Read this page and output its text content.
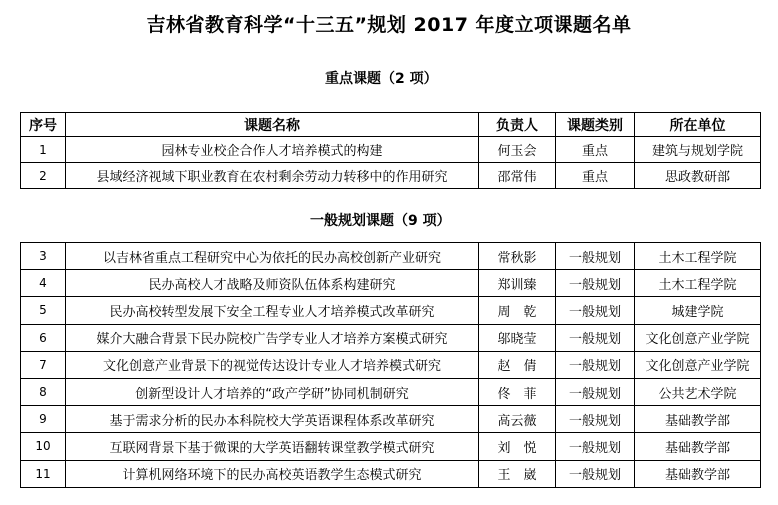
吉林省教育科学“十三五”规划 2017 年度立项课题名单
重点课题（2 项）
序号	课题名称	负责人	课题类别	所在单位
1	园林专业校企合作人才培养模式的构建	何玉会	重点	建筑与规划学院
2	县域经济视域下职业教育在农村剩余劳动力转移中的作用研究	邵常伟	重点	思政教研部
一般规划课题（9 项）
3	以吉林省重点工程研究中心为依托的民办高校创新产业研究	常秋影	一般规划	土木工程学院
4	民办高校人才战略及师资队伍体系构建研究	郑训臻	一般规划	土木工程学院
5	民办高校转型发展下安全工程专业人才培养模式改革研究	周　乾	一般规划	城建学院
6	媒介大融合背景下民办院校广告学专业人才培养方案模式研究	邬晓莹	一般规划	文化创意产业学院
7	文化创意产业背景下的视觉传达设计专业人才培养模式研究	赵　倩	一般规划	文化创意产业学院
8	创新型设计人才培养的“政产学研”协同机制研究	佟　菲	一般规划	公共艺术学院
9	基于需求分析的民办本科院校大学英语课程体系改革研究	高云薇	一般规划	基础教学部
10	互联网背景下基于微课的大学英语翻转课堂教学模式研究	刘　悦	一般规划	基础教学部
11	计算机网络环境下的民办高校英语教学生态模式研究	王　崴	一般规划	基础教学部
